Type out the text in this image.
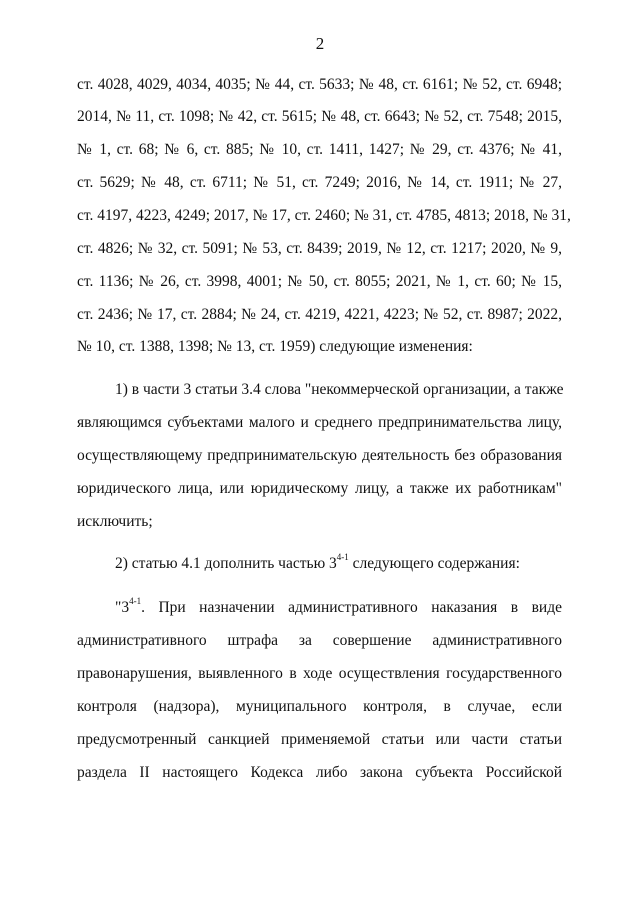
2
ст. 4028, 4029, 4034, 4035; № 44, ст. 5633; № 48, ст. 6161; № 52, ст. 6948;
2014, № 11, ст. 1098; № 42, ст. 5615; № 48, ст. 6643; № 52, ст. 7548; 2015,
№ 1, ст. 68; № 6, ст. 885; № 10, ст. 1411, 1427; № 29, ст. 4376; № 41,
ст. 5629; № 48, ст. 6711; № 51, ст. 7249; 2016, № 14, ст. 1911; № 27,
ст. 4197, 4223, 4249; 2017, № 17, ст. 2460; № 31, ст. 4785, 4813; 2018, № 31,
ст. 4826; № 32, ст. 5091; № 53, ст. 8439; 2019, № 12, ст. 1217; 2020, № 9,
ст. 1136; № 26, ст. 3998, 4001; № 50, ст. 8055; 2021, № 1, ст. 60; № 15,
ст. 2436; № 17, ст. 2884; № 24, ст. 4219, 4221, 4223; № 52, ст. 8987; 2022,
№ 10, ст. 1388, 1398; № 13, ст. 1959) следующие изменения:
1) в части 3 статьи 3.4 слова "некоммерческой организации, а также
являющимся субъектами малого и среднего предпринимательства лицу,
осуществляющему предпринимательскую деятельность без образования
юридического лица, или юридическому лицу, а также их работникам"
исключить;
2) статью 4.1 дополнить частью 3$^{4-1}$ следующего содержания:
"3$^{4-1}$. При назначении административного наказания в виде
административного штрафа за совершение административного
правонарушения, выявленного в ходе осуществления государственного
контроля (надзора), муниципального контроля, в случае, если
предусмотренный санкцией применяемой статьи или части статьи
раздела II настоящего Кодекса либо закона субъекта Российской
